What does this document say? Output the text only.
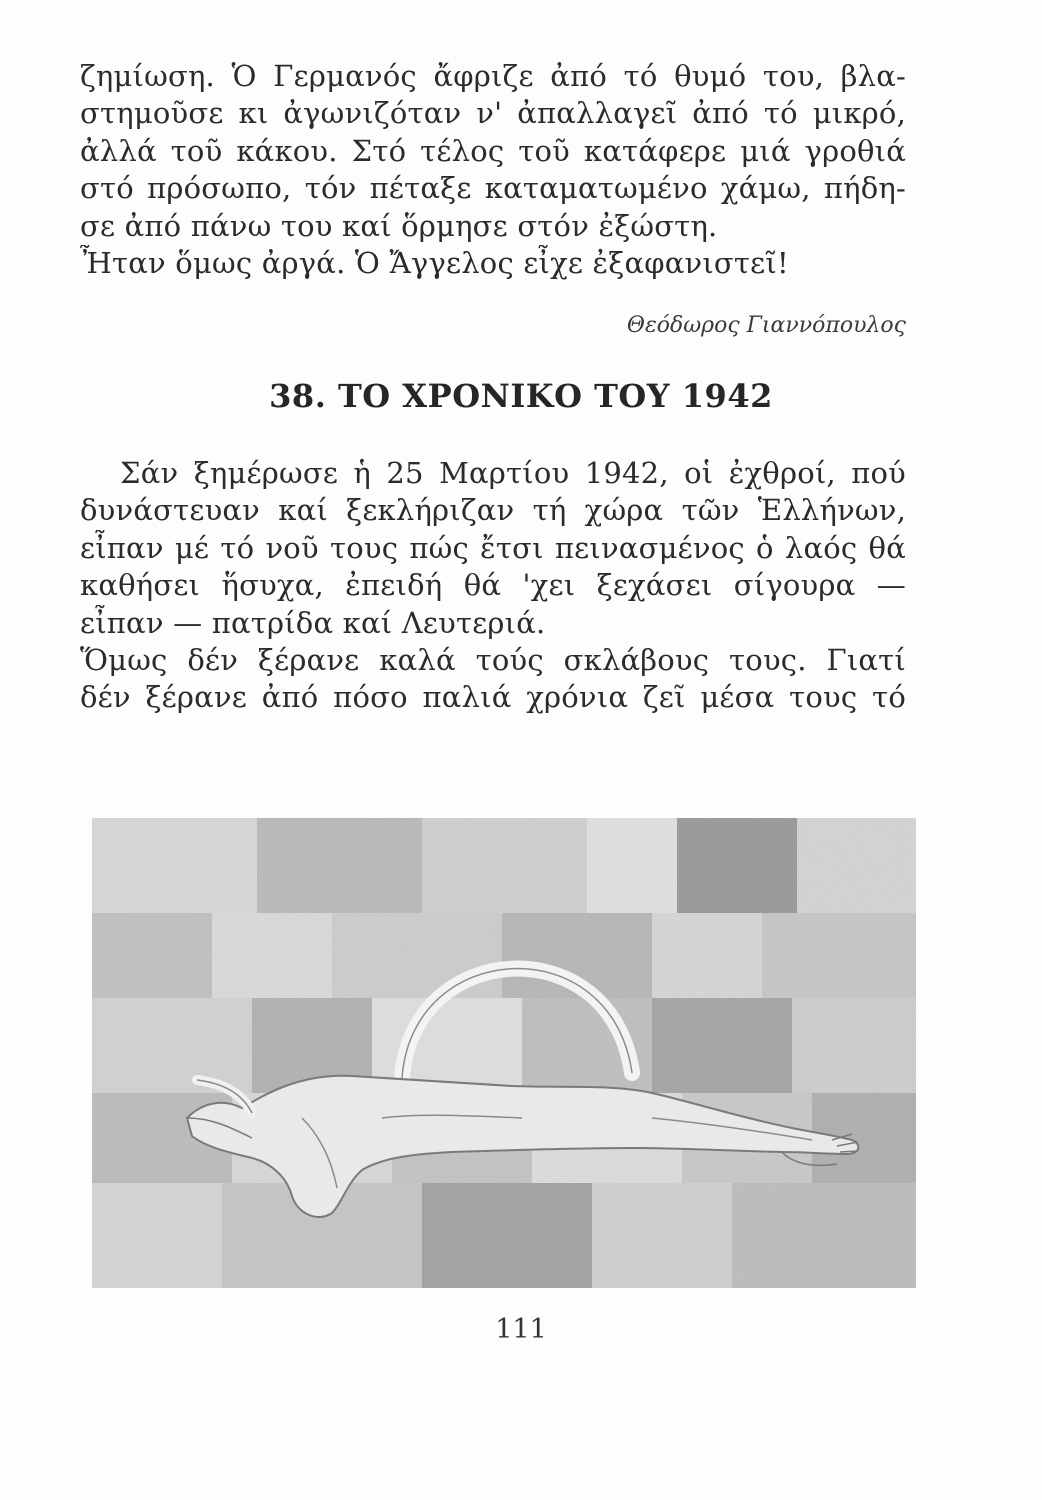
ζημίωση. Ὁ Γερμανός ἄφριζε ἀπό τό θυμό του, βλα-
στημοῦσε κι ἀγωνιζόταν ν' ἀπαλλαγεῖ ἀπό τό μικρό,
ἀλλά τοῦ κάκου. Στό τέλος τοῦ κατάφερε μιά γροθιά
στό πρόσωπο, τόν πέταξε καταματωμένο χάμω, πήδη-
σε ἀπό πάνω του καί ὅρμησε στόν ἐξώστη.
Ἦταν ὅμως ἀργά. Ὁ Ἄγγελος εἶχε ἐξαφανιστεῖ!
Θεόδωρος Γιαννόπουλος
38. ΤΟ ΧΡΟΝΙΚΟ ΤΟΥ 1942
Σάν ξημέρωσε ἡ 25 Μαρτίου 1942, οἱ ἐχθροί, πού
δυνάστευαν καί ξεκλήριζαν τή χώρα τῶν Ἑλλήνων,
εἶπαν μέ τό νοῦ τους πώς ἔτσι πεινασμένος ὁ λαός θά
καθήσει ἥσυχα, ἐπειδή θά 'χει ξεχάσει σίγουρα —
εἶπαν — πατρίδα καί Λευτεριά.
Ὅμως δέν ξέρανε καλά τούς σκλάβους τους. Γιατί
δέν ξέρανε ἀπό πόσο παλιά χρόνια ζεῖ μέσα τους τό
111
